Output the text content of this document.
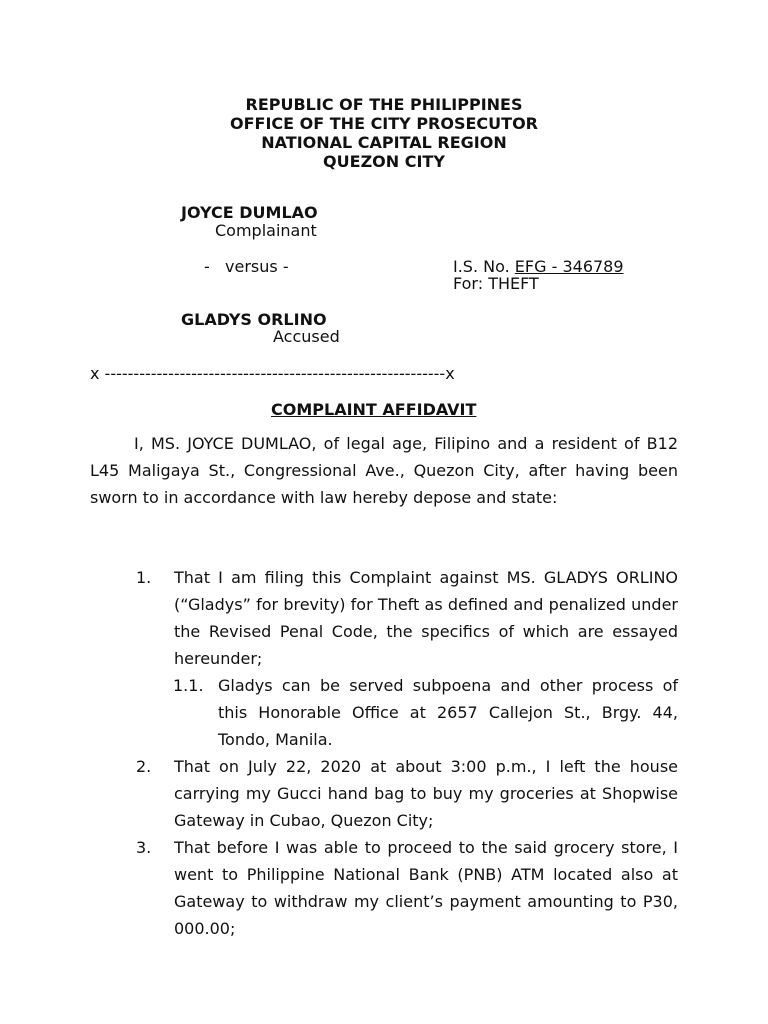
REPUBLIC OF THE PHILIPPINES
OFFICE OF THE CITY PROSECUTOR
NATIONAL CAPITAL REGION
QUEZON CITY
JOYCE DUMLAO
Complainant
-   versus -	I.S. No. EFG - 346789
For: THEFT
GLADYS ORLINO
Accused
x -----------------------------------------------------------x
COMPLAINT AFFIDAVIT
I, MS. JOYCE DUMLAO, of legal age, Filipino and a resident of B12 L45 Maligaya St., Congressional Ave., Quezon City, after having been sworn to in accordance with law hereby depose and state:
1. That I am filing this Complaint against MS. GLADYS ORLINO (“Gladys” for brevity) for Theft as defined and penalized under the Revised Penal Code, the specifics of which are essayed hereunder;
1.1. Gladys can be served subpoena and other process of this Honorable Office at 2657 Callejon St., Brgy. 44, Tondo, Manila.
2. That on July 22, 2020 at about 3:00 p.m., I left the house carrying my Gucci hand bag to buy my groceries at Shopwise Gateway in Cubao, Quezon City;
3. That before I was able to proceed to the said grocery store, I went to Philippine National Bank (PNB) ATM located also at Gateway to withdraw my client’s payment amounting to P30, 000.00;
